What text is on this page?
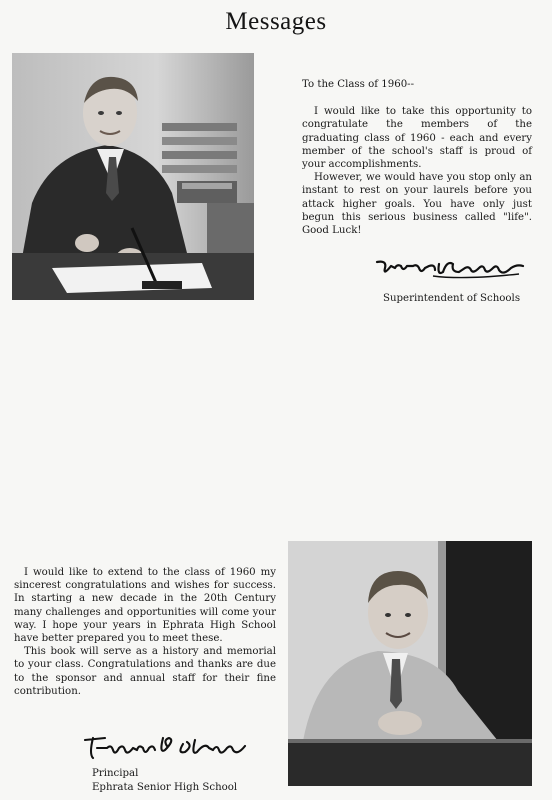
Messages
To the Class of 1960--

I would like to take this opportunity to congratulate the members of the graduating class of 1960 - each and every member of the school's staff is proud of your accomplishments.

However, we would have you stop only an instant to rest on your laurels before you attack higher goals. You have only just begun this serious business called "life". Good Luck!

Superintendent of Schools

I would like to extend to the class of 1960 my sincerest congratulations and wishes for success. In starting a new decade in the 20th Century many challenges and opportunities will come your way. I hope your years in Ephrata High School have better prepared you to meet these.

This book will serve as a history and memorial to your class. Congratulations and thanks are due to the sponsor and annual staff for their fine contribution.

Principal
Ephrata Senior High School
